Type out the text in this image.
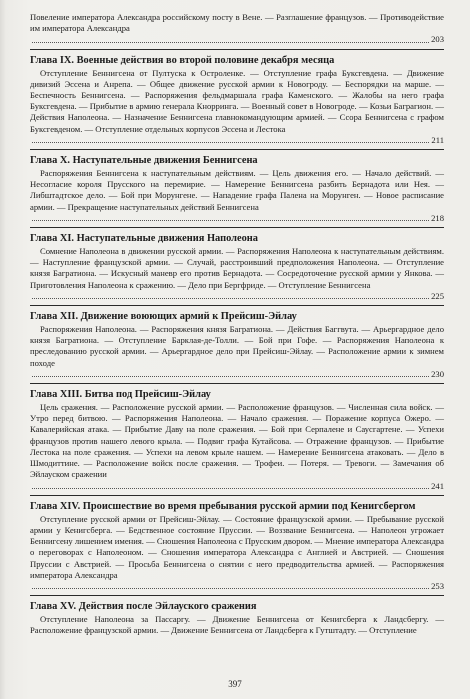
Повеление императора Александра российскому посту в Вене. — Разглашение французов. — Противодействие им императора Александра

203
Глава IX. Военные действия во второй половине декабря месяца

Отступление Беннигсена от Пултуска к Остроленке. — Отступление графа Буксгевдена. — Движение дивизий Эссена и Анрепа. — Общее движение русской армии к Новогроду. — Беспорядки на марше. — Беспечность Беннигсена. — Распоряжения фельдмаршала графа Каменского. — Жалобы на него графа Буксгевдена. — Прибытие в армию генерала Кнорринга. — Военный совет в Новогроде. — Козьи Баграгион. — Действия Наполеона. — Назначение Беннигсена главнокомандующим армией. — Ссора Беннигсена с графом Буксгевденом. — Отступление отдельных корпусов Эссена и Лестока

211
Глава X. Наступательные движения Беннигсена

Распоряжения Беннигсена к наступательным действиям. — Цель движения его. — Начало действий. — Несогласие короля Прусского на перемирие. — Намерение Беннигсена разбить Бернадота или Нея. — Либштадтское дело. — Бой при Морунгене. — Нападение графа Палена на Морунген. — Новое расписание армии. — Прекращение наступательных действий Беннигсена

218
Глава XI. Наступательные движения Наполеона

Сомнение Наполеона в движении русской армии. — Распоряжения Наполеона к наступательным действиям. — Наступление французской армии. — Случай, расстроивший предположения Наполеона. — Отступление князя Багратиона. — Искусный маневр его против Бернадота. — Сосредоточение русской армии у Янкова. — Приготовления Наполеона к сражению. — Дело при Бергфриде. — Отступление Беннигсена

225
Глава XII. Движение воюющих армий к Прейсиш-Эйлау

Распоряжения Наполеона. — Распоряжения князя Багратиона. — Действия Баггвута. — Арьергардное дело князя Багратиона. — Отступление Барклая-де-Толли. — Бой при Гофе. — Распоряжения Наполеона к преследованию русской армии. — Арьергардное дело при Прейсиш-Эйлау. — Расположение армии к зимнем походе

230
Глава XIII. Битва под Прейсиш-Эйлау

Цель сражения. — Расположение русской армии. — Расположение французов. — Численная сила войск. — Утро перед битвою. — Распоряжения Наполеона. — Начало сражения. — Поражение корпуса Ожеро. — Кавалерийская атака. — Прибытие Даву на поле сражения. — Бой при Серпалене и Саусгартене. — Успехи французов против нашего левого крыла. — Подвиг графа Кутайсова. — Отражение французов. — Прибытие Лестока на поле сражения. — Успехи на левом крыле нашем. — Намерение Беннигсена атаковать. — Дело в Шмодиттине. — Расположение войск после сражения. — Трофеи. — Потеря. — Тревоги. — Замечания об Эйлауском сражении

241
Глава XIV. Происшествие во время пребывания русской армии под Кенигсбергом

Отступление русской армии от Прейсиш-Эйлау. — Состояние французской армии. — Пребывание русской армии у Кенигсберга. — Бедственное состояние Пруссии. — Воззвание Беннигсена. — Наполеон угрожает Беннигсену лишением имения. — Сношения Наполеона с Прусским двором. — Мнение императора Александра о переговорах с Наполеоном. — Сношения императора Александра с Англией и Австрией. — Сношения Пруссии с Австрией. — Просьба Беннигсена о снятии с него предводительства армией. — Распоряжения императора Александра

253
Глава XV. Действия после Эйлауского сражения

Отступление Наполеона за Пассаргу. — Движение Беннигсена от Кенигсберга к Ландсбергу. — Расположение французской армии. — Движение Беннигсена от Ландсберга к Гутштадту. — Отступление

397
